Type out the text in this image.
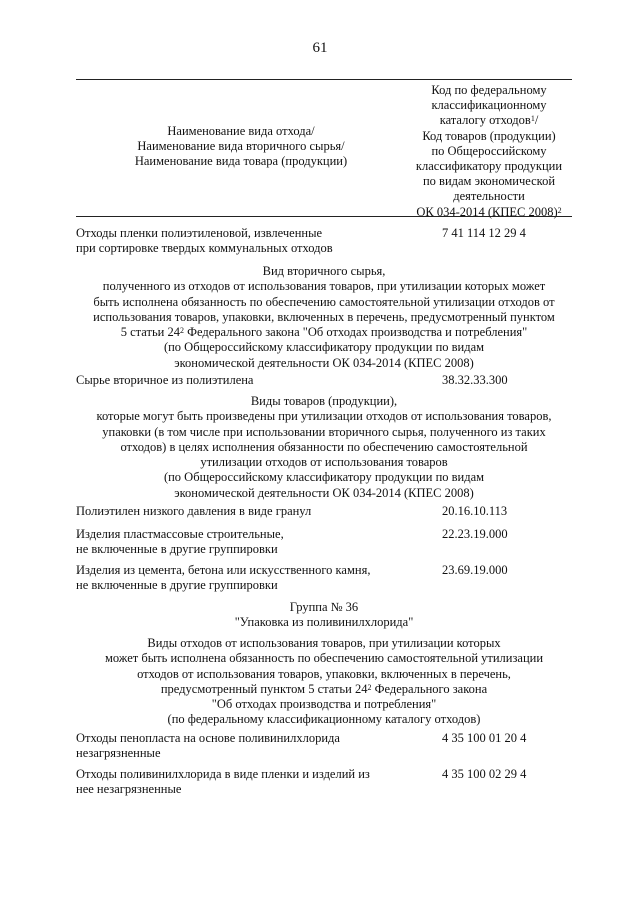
61
Наименование вида отхода/
Наименование вида вторичного сырья/
Наименование вида товара (продукции)
Код по федеральному
классификационному
каталогу отходов$^1$/
Код товаров (продукции)
по Общероссийскому
классификатору продукции
по видам экономической
деятельности
ОК 034-2014 (КПЕС 2008)$^2$
Отходы пленки полиэтиленовой, извлеченные
при сортировке твердых коммунальных отходов
7 41 114 12 29 4
Вид вторичного сырья,
полученного из отходов от использования товаров, при утилизации которых может
быть исполнена обязанность по обеспечению самостоятельной утилизации отходов от
использования товаров, упаковки, включенных в перечень, предусмотренный пунктом
5 статьи $24^2$ Федерального закона "Об отходах производства и потребления"
(по Общероссийскому классификатору продукции по видам
экономической деятельности ОК 034-2014 (КПЕС 2008)
Сырье вторичное из полиэтилена	38.32.33.300
Виды товаров (продукции),
которые могут быть произведены при утилизации отходов от использования товаров,
упаковки (в том числе при использовании вторичного сырья, полученного из таких
отходов) в целях исполнения обязанности по обеспечению самостоятельной
утилизации отходов от использования товаров
(по Общероссийскому классификатору продукции по видам
экономической деятельности ОК 034-2014 (КПЕС 2008)
Полиэтилен низкого давления в виде гранул	20.16.10.113
Изделия пластмассовые строительные,
не включенные в другие группировки
22.23.19.000
Изделия из цемента, бетона или искусственного камня,
не включенные в другие группировки
23.69.19.000
Группа № 36
"Упаковка из поливинилхлорида"
Виды отходов от использования товаров, при утилизации которых
может быть исполнена обязанность по обеспечению самостоятельной утилизации
отходов от использования товаров, упаковки, включенных в перечень,
предусмотренный пунктом 5 статьи $24^2$ Федерального закона
"Об отходах производства и потребления"
(по федеральному классификационному каталогу отходов)
Отходы пенопласта на основе поливинилхлорида
незагрязненные
4 35 100 01 20 4
Отходы поливинилхлорида в виде пленки и изделий из
нее незагрязненные
4 35 100 02 29 4
